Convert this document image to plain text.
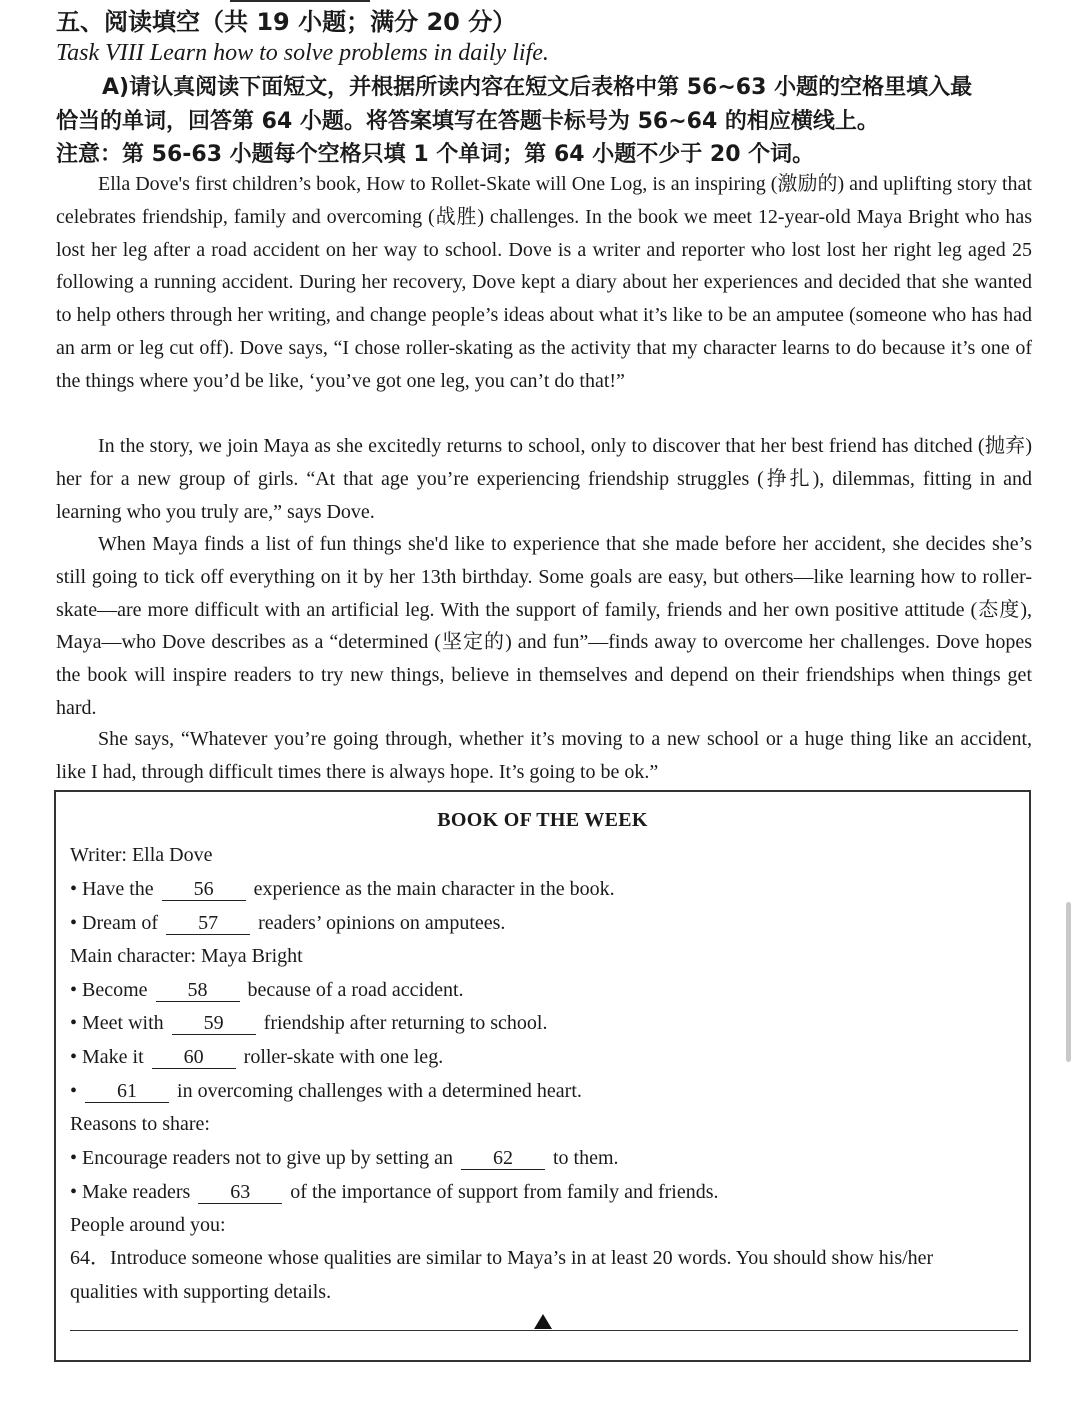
五、阅读填空（共 19 小题；满分 20 分）
Task VIII Learn how to solve problems in daily life.
A)请认真阅读下面短文，并根据所读内容在短文后表格中第 56~63 小题的空格里填入最
恰当的单词，回答第 64 小题。将答案填写在答题卡标号为 56~64 的相应横线上。
注意：第 56-63 小题每个空格只填 1 个单词；第 64 小题不少于 20 个词。

Ella Dove's first children’s book, How to Rollet-Skate will One Log, is an inspiring (激励的) and uplifting story that celebrates friendship, family and overcoming (战胜) challenges. In the book we meet 12-year-old Maya Bright who has lost her leg after a road accident on her way to school. Dove is a writer and reporter who lost lost her right leg aged 25 following a running accident. During her recovery, Dove kept a diary about her experiences and decided that she wanted to help others through her writing, and change people’s ideas about what it’s like to be an amputee (someone who has had an arm or leg cut off). Dove says, “I chose roller-skating as the activity that my character learns to do because it’s one of the things where you’d be like, ‘you’ve got one leg, you can’t do that!”

In the story, we join Maya as she excitedly returns to school, only to discover that her best friend has ditched (抛弃) her for a new group of girls. “At that age you’re experiencing friendship struggles (挣扎), dilemmas, fitting in and learning who you truly are,” says Dove.

When Maya finds a list of fun things she'd like to experience that she made before her accident, she decides she’s still going to tick off everything on it by her 13th birthday. Some goals are easy, but others—like learning how to roller-skate—are more difficult with an artificial leg. With the support of family, friends and her own positive attitude (态度), Maya—who Dove describes as a “determined (坚定的) and fun”—finds away to overcome her challenges. Dove hopes the book will inspire readers to try new things, believe in themselves and depend on their friendships when things get hard.

She says, “Whatever you’re going through, whether it’s moving to a new school or a huge thing like an accident, like I had, through difficult times there is always hope. It’s going to be ok.”

BOOK OF THE WEEK
Writer: Ella Dove
• Have the 56 experience as the main character in the book.
• Dream of 57 readers’ opinions on amputees.
Main character: Maya Bright
• Become 58 because of a road accident.
• Meet with 59 friendship after returning to school.
• Make it 60 roller-skate with one leg.
• 61 in overcoming challenges with a determined heart.
Reasons to share:
• Encourage readers not to give up by setting an 62 to them.
• Make readers 63 of the importance of support from family and friends.
People around you:
64．Introduce someone whose qualities are similar to Maya’s in at least 20 words. You should show his/her
qualities with supporting details.
